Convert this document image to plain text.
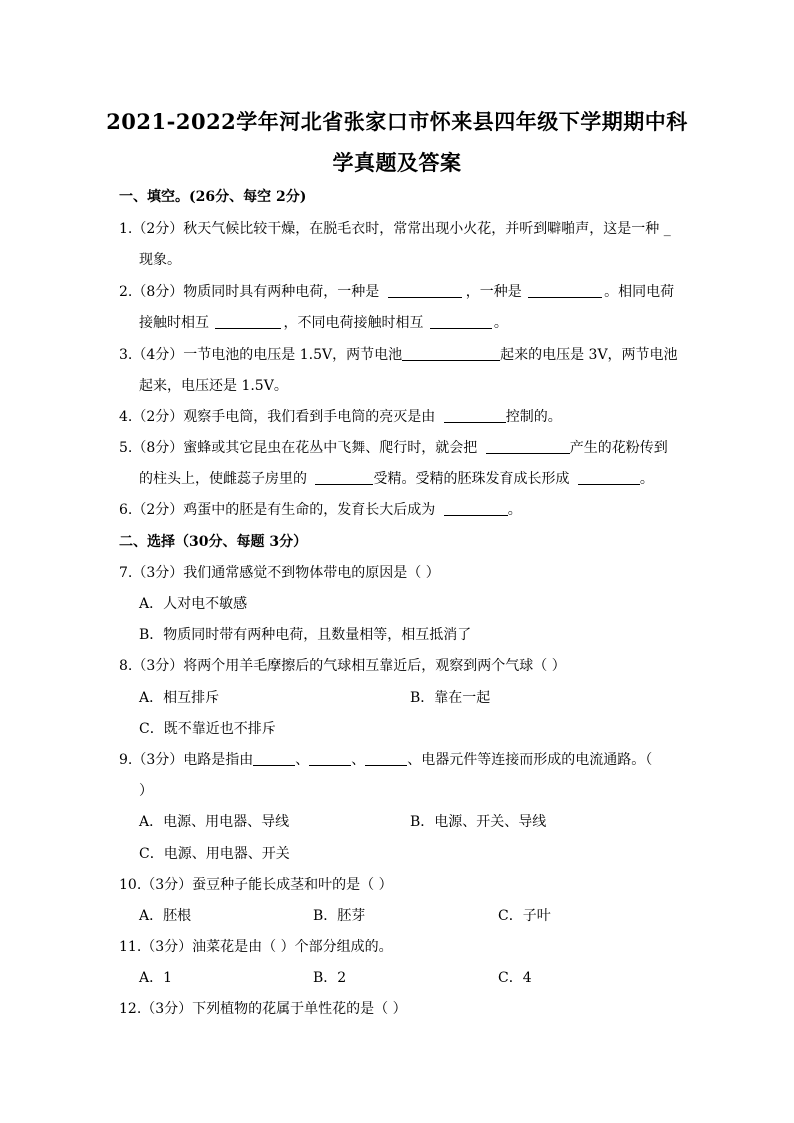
2021-2022学年河北省张家口市怀来县四年级下学期期中科
学真题及答案
一、填空。(26分、每空 2分)
1.（2分）秋天气候比较干燥，在脱毛衣时，常常出现小火花，并听到噼啪声，这是一种 _
现象。
2.（8分）物质同时具有两种电荷，一种是	，一种是	。相同电荷
接触时相互	，不同电荷接触时相互	。
3.（4分）一节电池的电压是 1.5V，两节电池	起来的电压是 3V，两节电池
起来，电压还是 1.5V。
4.（2分）观察手电筒，我们看到手电筒的亮灭是由	控制的。
5.（8分）蜜蜂或其它昆虫在花丛中飞舞、爬行时，就会把	产生的花粉传到
的柱头上，使雌蕊子房里的	受精。受精的胚珠发育成长形成	。
6.（2分）鸡蛋中的胚是有生命的，发育长大后成为	。
二、选择（30分、每题 3分）
7.（3分）我们通常感觉不到物体带电的原因是（ ）
A．人对电不敏感
B．物质同时带有两种电荷，且数量相等，相互抵消了
8.（3分）将两个用羊毛摩擦后的气球相互靠近后，观察到两个气球（ ）
A．相互排斥	B．靠在一起
C．既不靠近也不排斥
9.（3分）电路是指由	、	、	、电器元件等连接而形成的电流通路。（
）
A．电源、用电器、导线	B．电源、开关、导线
C．电源、用电器、开关
10.（3分）蚕豆种子能长成茎和叶的是（ ）
A．胚根	B．胚芽	C．子叶
11.（3分）油菜花是由（ ）个部分组成的。
A．1	B．2	C．4
12.（3分）下列植物的花属于单性花的是（ ）
